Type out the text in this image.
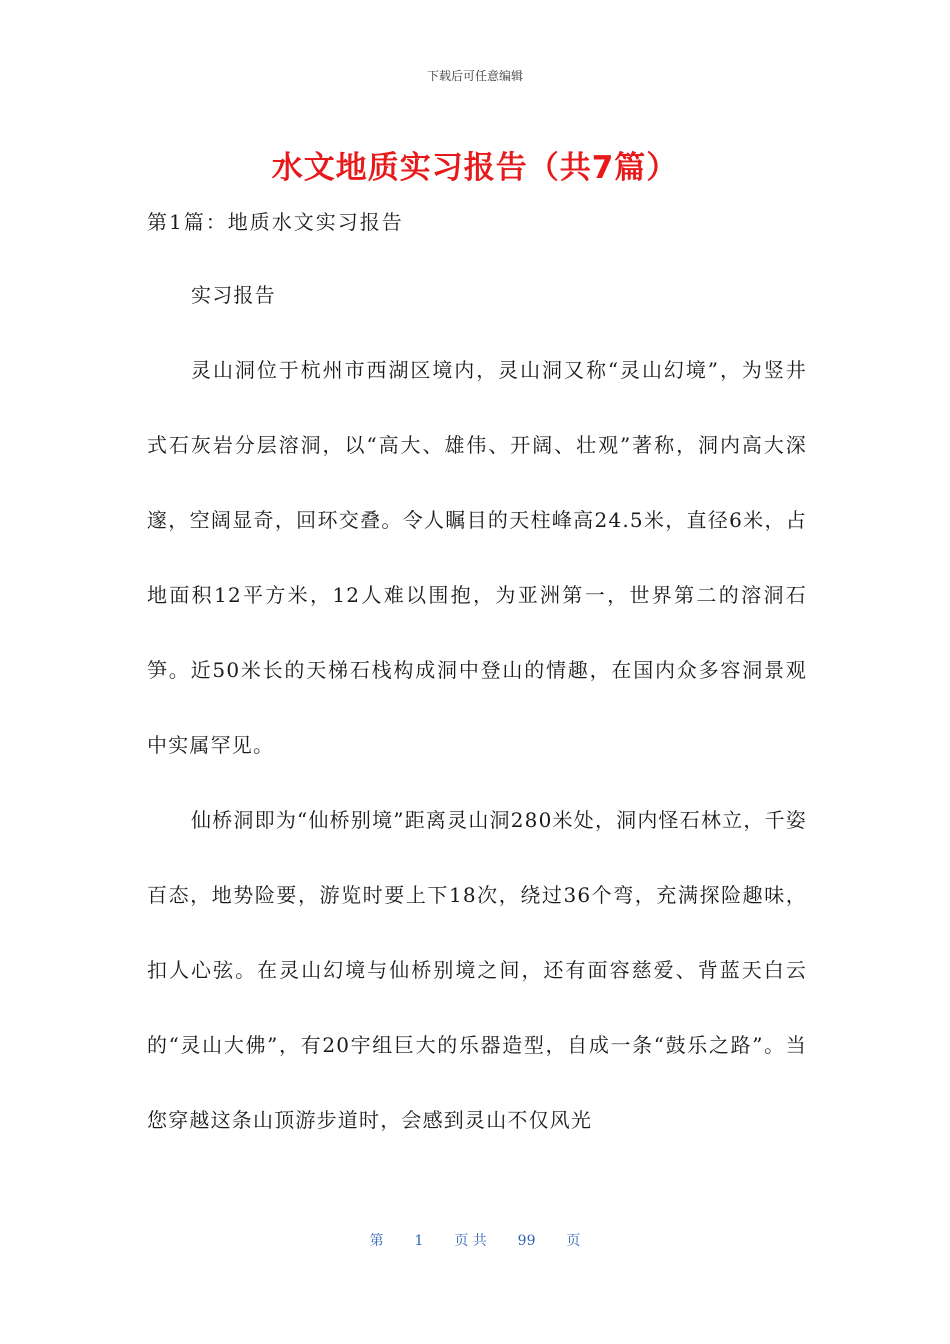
下载后可任意编辑
水文地质实习报告（共7篇）
第1篇：地质水文实习报告

实习报告

灵山洞位于杭州市西湖区境内，灵山洞又称“灵山幻境”，为竖井式石灰岩分层溶洞，以“高大、雄伟、开阔、壮观”著称，洞内高大深邃，空阔显奇，回环交叠。令人瞩目的天柱峰高24.5米，直径6米，占地面积12平方米，12人难以围抱，为亚洲第一，世界第二的溶洞石笋。近50米长的天梯石栈构成洞中登山的情趣，在国内众多容洞景观中实属罕见。

仙桥洞即为“仙桥别境”距离灵山洞280米处，洞内怪石林立，千姿百态，地势险要，游览时要上下18次，绕过36个弯，充满探险趣味，扣人心弦。在灵山幻境与仙桥别境之间，还有面容慈爱、背蓝天白云的“灵山大佛”，有20宇组巨大的乐器造型，自成一条“鼓乐之路”。当您穿越这条山顶游步道时，会感到灵山不仅风光

第 1 页 共 99 页
